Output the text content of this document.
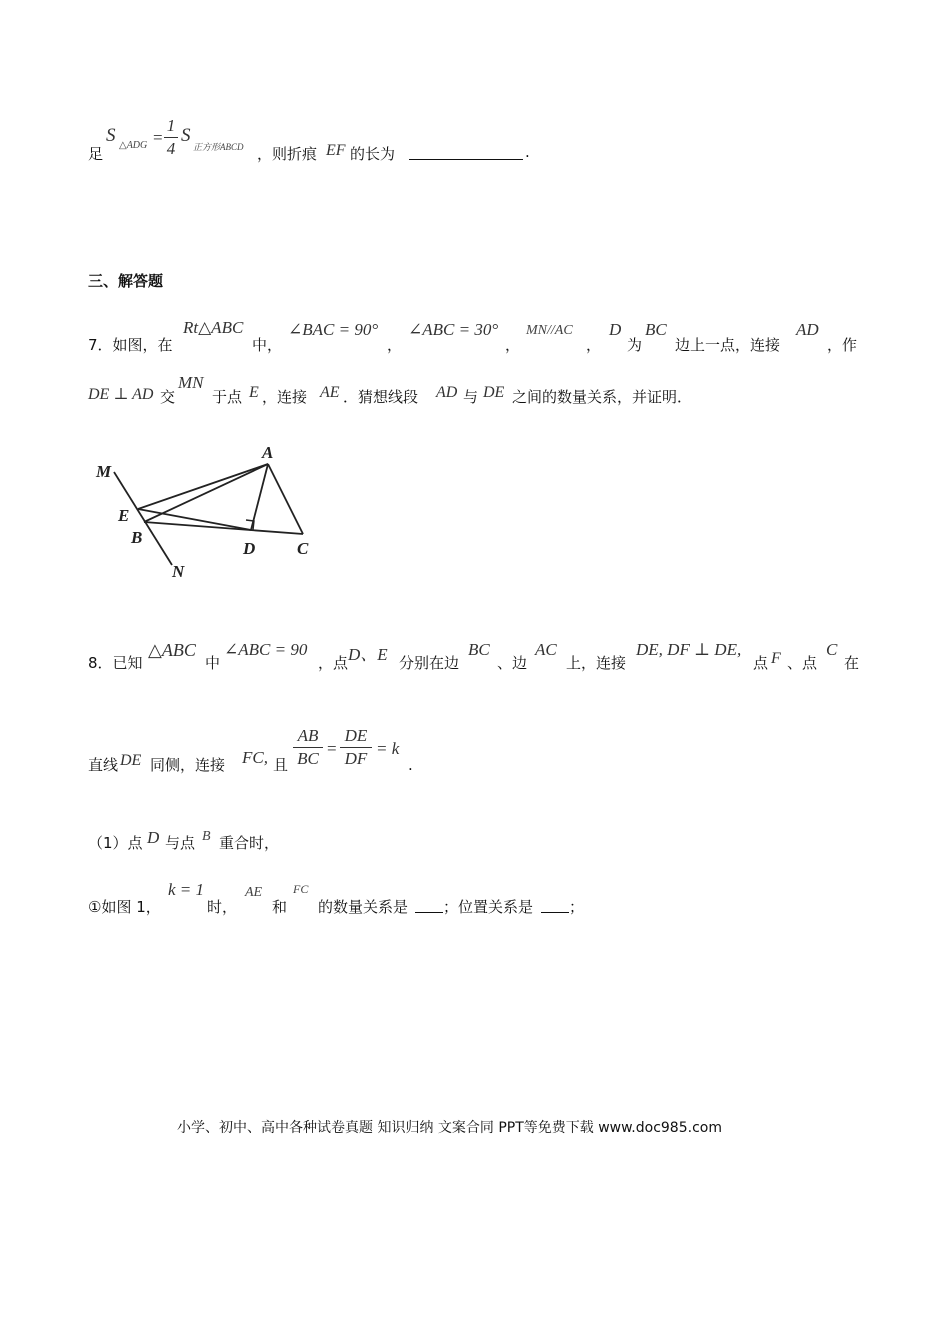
足
S △ADG =
1
4
S
正方形ABCD ，则折痕 EF 的长为	.
三、解答题
7．如图，在
Rt△ABC
中，
∠BAC = 90°
，
∠ABC = 30°
，
MN//AC
，
D
为
BC
边上一点，连接
AD
，作
DE ⊥ AD 交
MN
于点 E ，连接 AE ．猜想线段 AD 与 DE 之间的数量关系，并证明．
M
A
E
B
D C
N
8．已知
△ABC
中
∠ABC = 90
，点 D、E 分别在边
BC
、边
AC
上，连接
DE, DF ⊥ DE,
点 F 、点
C
在
直线 DE 同侧，连接 FC, 且
AB
BC
=
DE
DF
= k
.
（1）点 D 与点 B 重合时，
①如图 1，
k = 1
时，
AE
和
FC
的数量关系是 ；位置关系是 ；
小学、初中、高中各种试卷真题 知识归纳 文案合同 PPT等免费下载 www.doc985.com
